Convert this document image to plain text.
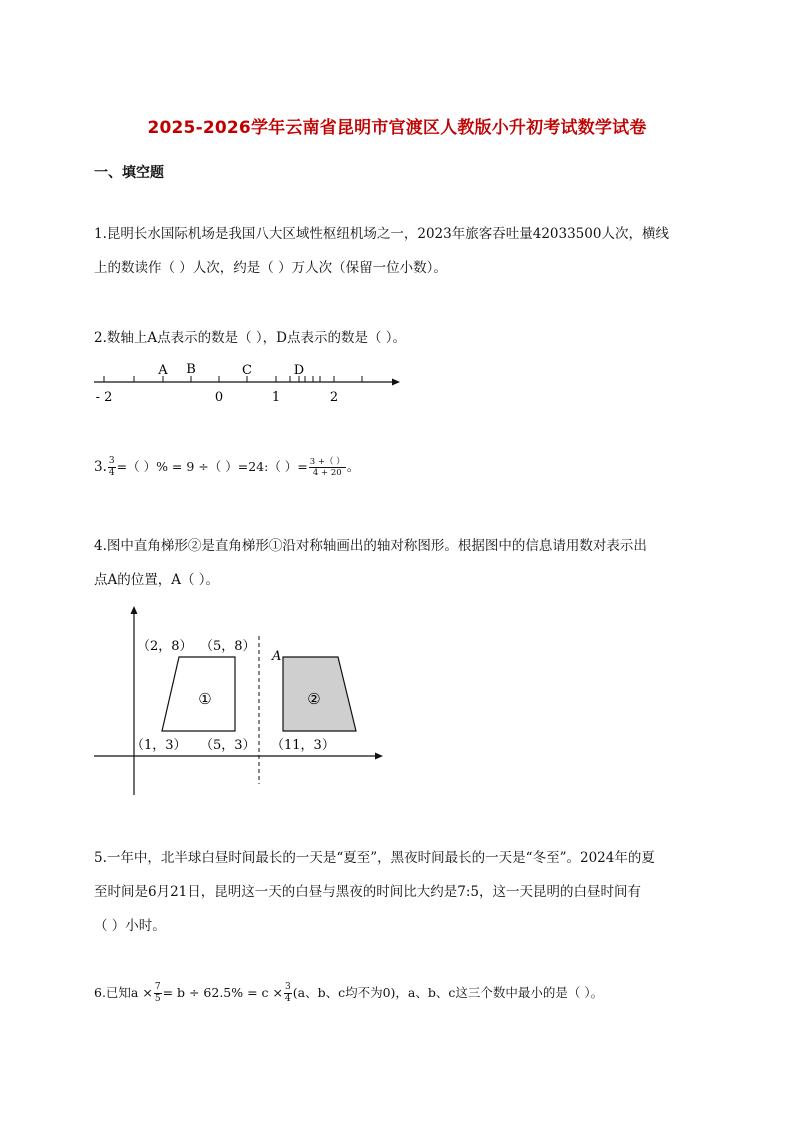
2025-2026学年云南省昆明市官渡区人教版小升初考试数学试卷
一、填空题
1.昆明长水国际机场是我国八大区域性枢纽机场之一，2023年旅客吞吐量42033500人次，横线
上的数读作（ ）人次，约是（ ）万人次（保留一位小数）。
2.数轴上A点表示的数是（ ），D点表示的数是（ ）。
A B	C	D
- 2	0	1	2
3. $\frac{3}{4}$ =（ ）% = 9 ÷（ ）=24:（ ）= $\frac{3 +( )}{4 + 20}$ 。
4.图中直角梯形②是直角梯形①沿对称轴画出的轴对称图形。根据图中的信息请用数对表示出
点A的位置，A（ ）。
①	②
（2，8） （5，8）
A
（1，3） （5，3） （11，3）
5.一年中，北半球白昼时间最长的一天是“夏至”，黑夜时间最长的一天是“冬至”。2024年的夏
至时间是6月21日，昆明这一天的白昼与黑夜的时间比大约是7:5，这一天昆明的白昼时间有
（ ）小时。
6.已知$a \times \frac{7}{5} = b \div 62.5\% = c \times \frac{3}{4} (a$、b、c均不为0)，a、b、c这三个数中最小的是（ ）。
